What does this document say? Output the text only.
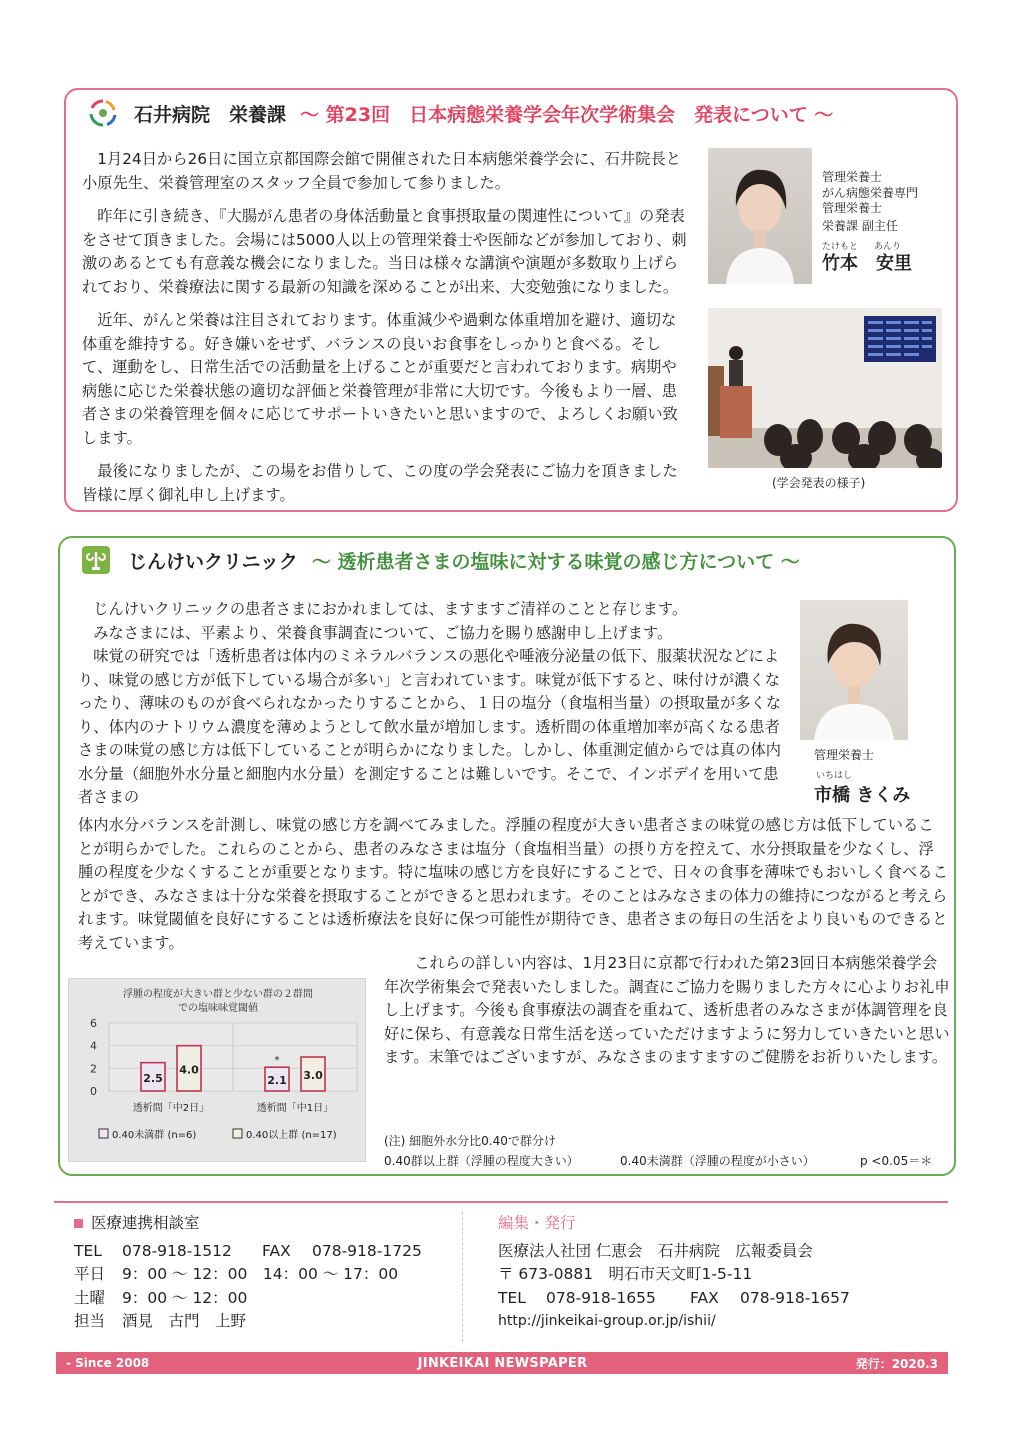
石井病院　栄養課 ～ 第23回　日本病態栄養学会年次学術集会　発表について ～

1月24日から26日に国立京都国際会館で開催された日本病態栄養学会に、石井院長と小原先生、栄養管理室のスタッフ全員で参加して参りました。

昨年に引き続き、『大腸がん患者の身体活動量と食事摂取量の関連性について』の発表をさせて頂きました。会場には5000人以上の管理栄養士や医師などが参加しており、刺激のあるとても有意義な機会になりました。当日は様々な講演や演題が多数取り上げられており、栄養療法に関する最新の知識を深めることが出来、大変勉強になりました。

近年、がんと栄養は注目されております。体重減少や過剰な体重増加を避け、適切な体重を維持する。好き嫌いをせず、バランスの良いお食事をしっかりと食べる。そして、運動をし、日常生活での活動量を上げることが重要だと言われております。病期や病態に応じた栄養状態の適切な評価と栄養管理が非常に大切です。今後もより一層、患者さまの栄養管理を個々に応じてサポートいきたいと思いますので、よろしくお願い致します。

最後になりましたが、この場をお借りして、この度の学会発表にご協力を頂きました皆様に厚く御礼申し上げます。

管理栄養士
がん病態栄養専門
管理栄養士
栄養課 副主任
たけもと あんり
竹本　安里
(学会発表の様子)
じんけいクリニック ～ 透析患者さまの塩味に対する味覚の感じ方について ～

じんけいクリニックの患者さまにおかれましては、ますますご清祥のことと存じます。

みなさまには、平素より、栄養食事調査について、ご協力を賜り感謝申し上げます。

味覚の研究では「透析患者は体内のミネラルバランスの悪化や唾液分泌量の低下、服薬状況などにより、味覚の感じ方が低下している場合が多い」と言われています。味覚が低下すると、味付けが濃くなったり、薄味のものが食べられなかったりすることから、１日の塩分（食塩相当量）の摂取量が多くなり、体内のナトリウム濃度を薄めようとして飲水量が増加します。透析間の体重増加率が高くなる患者さまの味覚の感じ方は低下していることが明らかになりました。しかし、体重測定値からでは真の体内水分量（細胞外水分量と細胞内水分量）を測定することは難しいです。そこで、インボデイを用いて患者さまの

体内水分バランスを計測し、味覚の感じ方を調べてみました。浮腫の程度が大きい患者さまの味覚の感じ方は低下していることが明らかでした。これらのことから、患者のみなさまは塩分（食塩相当量）の摂り方を控えて、水分摂取量を少なくし、浮腫の程度を少なくすることが重要となります。特に塩味の感じ方を良好にすることで、日々の食事を薄味でもおいしく食べることができ、みなさまは十分な栄養を摂取することができると思われます。そのことはみなさまの体力の維持につながると考えられます。味覚閾値を良好にすることは透析療法を良好に保つ可能性が期待でき、患者さまの毎日の生活をより良いものできると考えています。

これらの詳しい内容は、1月23日に京都で行われた第23回日本病態栄養学会年次学術集会で発表いたしました。調査にご協力を賜りました方々に心よりお礼申し上げます。今後も食事療法の調査を重ねて、透析患者のみなさまが体調管理を良好に保ち、有意義な日常生活を送っていただけますように努力していきたいと思います。末筆ではございますが、みなさまのますますのご健勝をお祈りいたします。

管理栄養士
いちはし
市橋 きくみ
浮腫の程度が大きい群と少ない群の２群間
での塩味味覚閾値
0
2
4
6
2.5
4.0
透析間「中2日」
2.1 3.0
透析間「中1日」
*
0.40未満群 (n=6)	0.40以上群 (n=17)	(注) 細胞外水分比0.40で群分け
0.40群以上群（浮腫の程度大きい）	0.40未満群（浮腫の程度が小さい）	p <0.05＝＊
医療連携相談室
TEL 078-918-1512 FAX 078-918-1725
平日 9：00 ～ 12：00　14：00 ～ 17：00
土曜 9：00 ～ 12：00
担当 酒見　古門　上野
編集・発行
医療法人社団 仁恵会　石井病院　広報委員会
〒 673-0881　明石市天文町1-5-11
TEL 078-918-1655 FAX 078-918-1657
http://jinkeikai-group.or.jp/ishii/
- Since 2008	JINKEIKAI NEWSPAPER	発行：2020.3
